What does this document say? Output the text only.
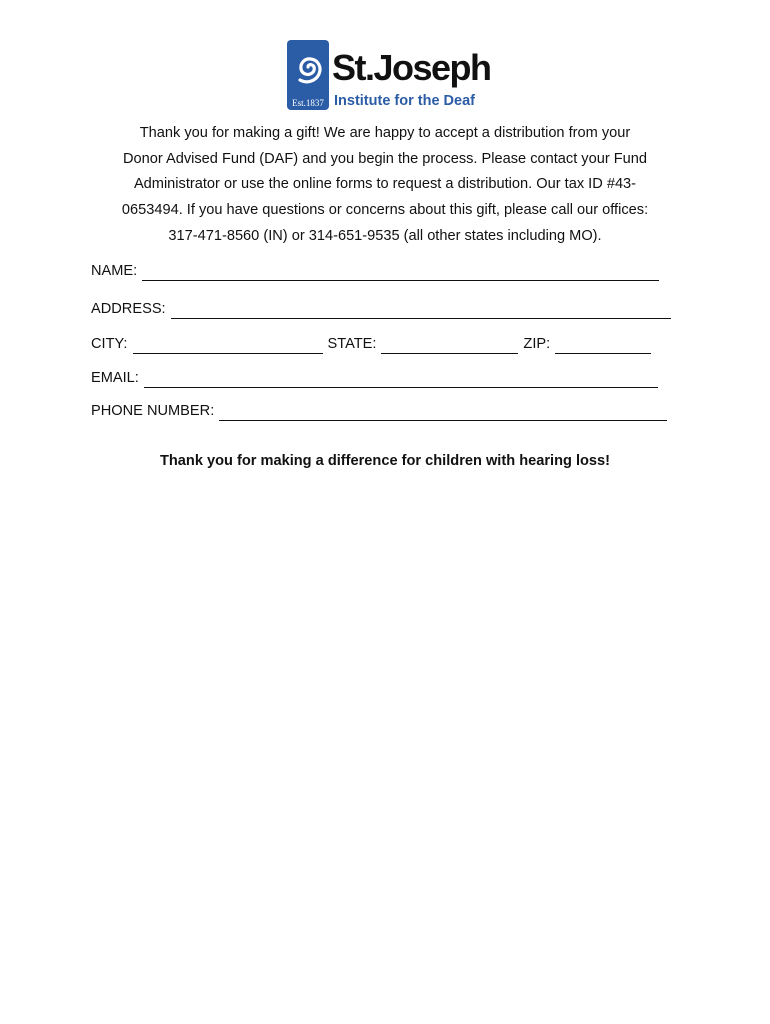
Est.1837
St.Joseph
Institute for the Deaf
Thank you for making a gift! We are happy to accept a distribution from your
Donor Advised Fund (DAF) and you begin the process. Please contact your Fund
Administrator or use the online forms to request a distribution. Our tax ID #43-
0653494. If you have questions or concerns about this gift, please call our offices:
317-471-8560 (IN) or 314-651-9535 (all other states including MO).
NAME:
ADDRESS:
CITY:	STATE:	ZIP:
EMAIL:
PHONE NUMBER:
Thank you for making a difference for children with hearing loss!
